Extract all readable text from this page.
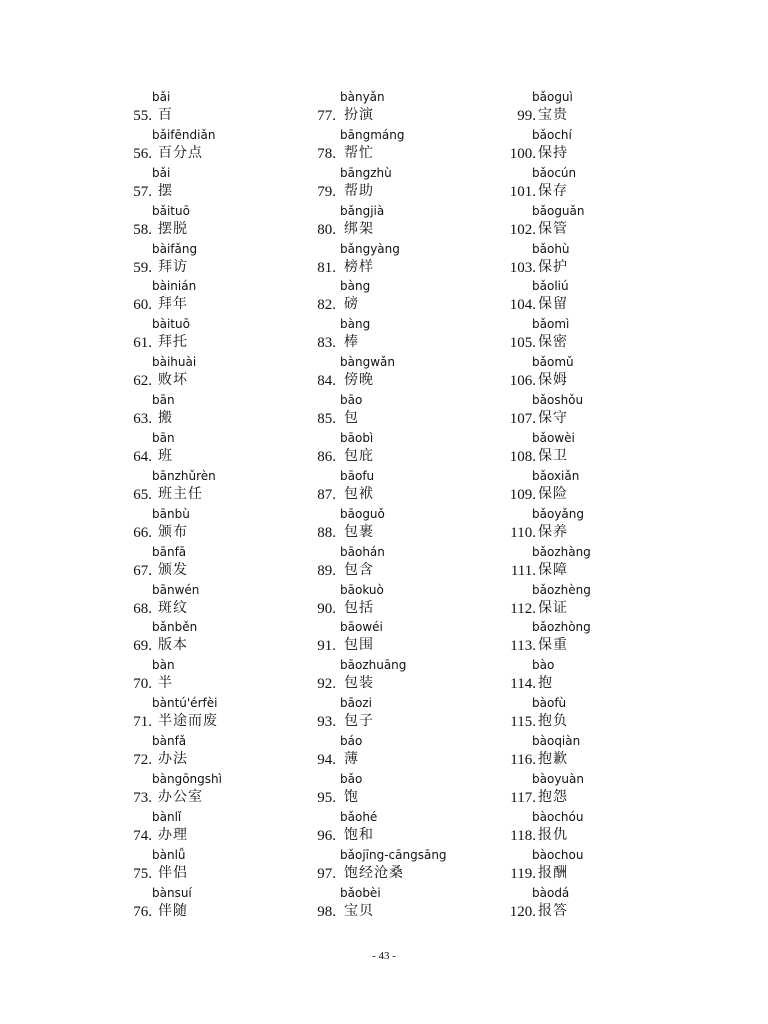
bǎi
55. 百
bǎifēndiǎn
56. 百分点
bǎi
57. 摆
bǎituō
58. 摆脱
bàifǎng
59. 拜访
bàinián
60. 拜年
bàituō
61. 拜托
bàihuài
62. 败坏
bān
63. 搬
bān
64. 班
bānzhǔrèn
65. 班主任
bānbù
66. 颁布
bānfā
67. 颁发
bānwén
68. 斑纹
bǎnběn
69. 版本
bàn
70. 半
bàntú'érfèi
71. 半途而废
bànfǎ
72. 办法
bàngōngshì
73. 办公室
bànlǐ
74. 办理
bànlǚ
75. 伴侣
bànsuí
76. 伴随
bànyǎn
77. 扮演
bāngmáng
78. 帮忙
bāngzhù
79. 帮助
bǎngjià
80. 绑架
bǎngyàng
81. 榜样
bàng
82. 磅
bàng
83. 棒
bàngwǎn
84. 傍晚
bāo
85. 包
bāobì
86. 包庇
bāofu
87. 包袱
bāoguǒ
88. 包裹
bāohán
89. 包含
bāokuò
90. 包括
bāowéi
91. 包围
bāozhuāng
92. 包装
bāozi
93. 包子
báo
94. 薄
bǎo
95. 饱
bǎohé
96. 饱和
bǎojīng-cāngsāng
97. 饱经沧桑
bǎobèi
98. 宝贝
bǎoguì
99. 宝贵
bǎochí
100. 保持
bǎocún
101. 保存
bǎoguǎn
102. 保管
bǎohù
103. 保护
bǎoliú
104. 保留
bǎomì
105. 保密
bǎomǔ
106. 保姆
bǎoshǒu
107. 保守
bǎowèi
108. 保卫
bǎoxiǎn
109. 保险
bǎoyǎng
110. 保养
bǎozhàng
111. 保障
bǎozhèng
112. 保证
bǎozhòng
113. 保重
bào
114. 抱
bàofù
115. 抱负
bàoqiàn
116. 抱歉
bàoyuàn
117. 抱怨
bàochóu
118. 报仇
bàochou
119. 报酬
bàodá
120. 报答
- 43 -
